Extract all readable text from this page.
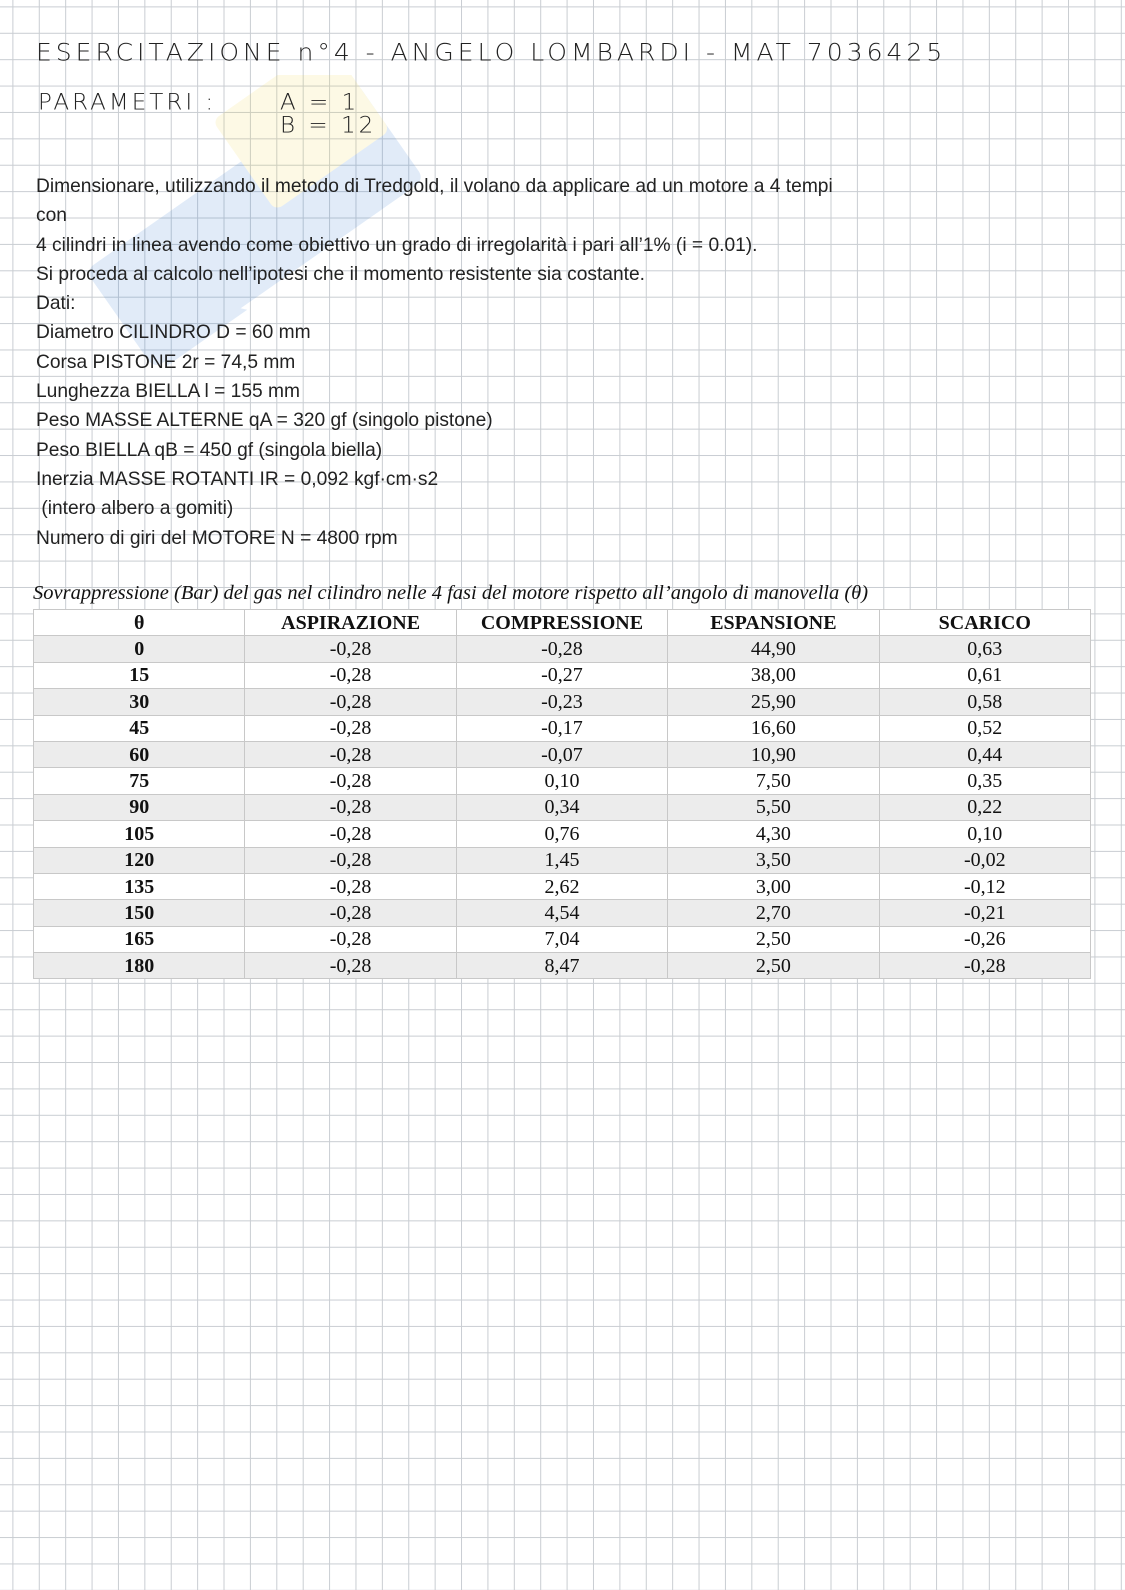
ESERCITAZIONE n°4 - ANGELO LOMBARDI - MAT 7036425
PARAMETRI :	A = 1
B = 12

Dimensionare, utilizzando il metodo di Tredgold, il volano da applicare ad un motore a 4 tempi

con

4 cilindri in linea avendo come obiettivo un grado di irregolarità i pari all’1% (i = 0.01).

Si proceda al calcolo nell’ipotesi che il momento resistente sia costante.

Dati:

Diametro CILINDRO D = 60 mm

Corsa PISTONE 2r = 74,5 mm

Lunghezza BIELLA l = 155 mm

Peso MASSE ALTERNE qA = 320 gf (singolo pistone)

Peso BIELLA qB = 450 gf (singola biella)

Inerzia MASSE ROTANTI IR = 0,092 kgf·cm·s2

(intero albero a gomiti)

Numero di giri del MOTORE N = 4800 rpm

Sovrappressione (Bar) del gas nel cilindro nelle 4 fasi del motore rispetto all’angolo di manovella (θ)
θ	ASPIRAZIONE	COMPRESSIONE	ESPANSIONE	SCARICO
0	-0,28	-0,28	44,90	0,63
15	-0,28	-0,27	38,00	0,61
30	-0,28	-0,23	25,90	0,58
45	-0,28	-0,17	16,60	0,52
60	-0,28	-0,07	10,90	0,44
75	-0,28	0,10	7,50	0,35
90	-0,28	0,34	5,50	0,22
105	-0,28	0,76	4,30	0,10
120	-0,28	1,45	3,50	-0,02
135	-0,28	2,62	3,00	-0,12
150	-0,28	4,54	2,70	-0,21
165	-0,28	7,04	2,50	-0,26
180	-0,28	8,47	2,50	-0,28
